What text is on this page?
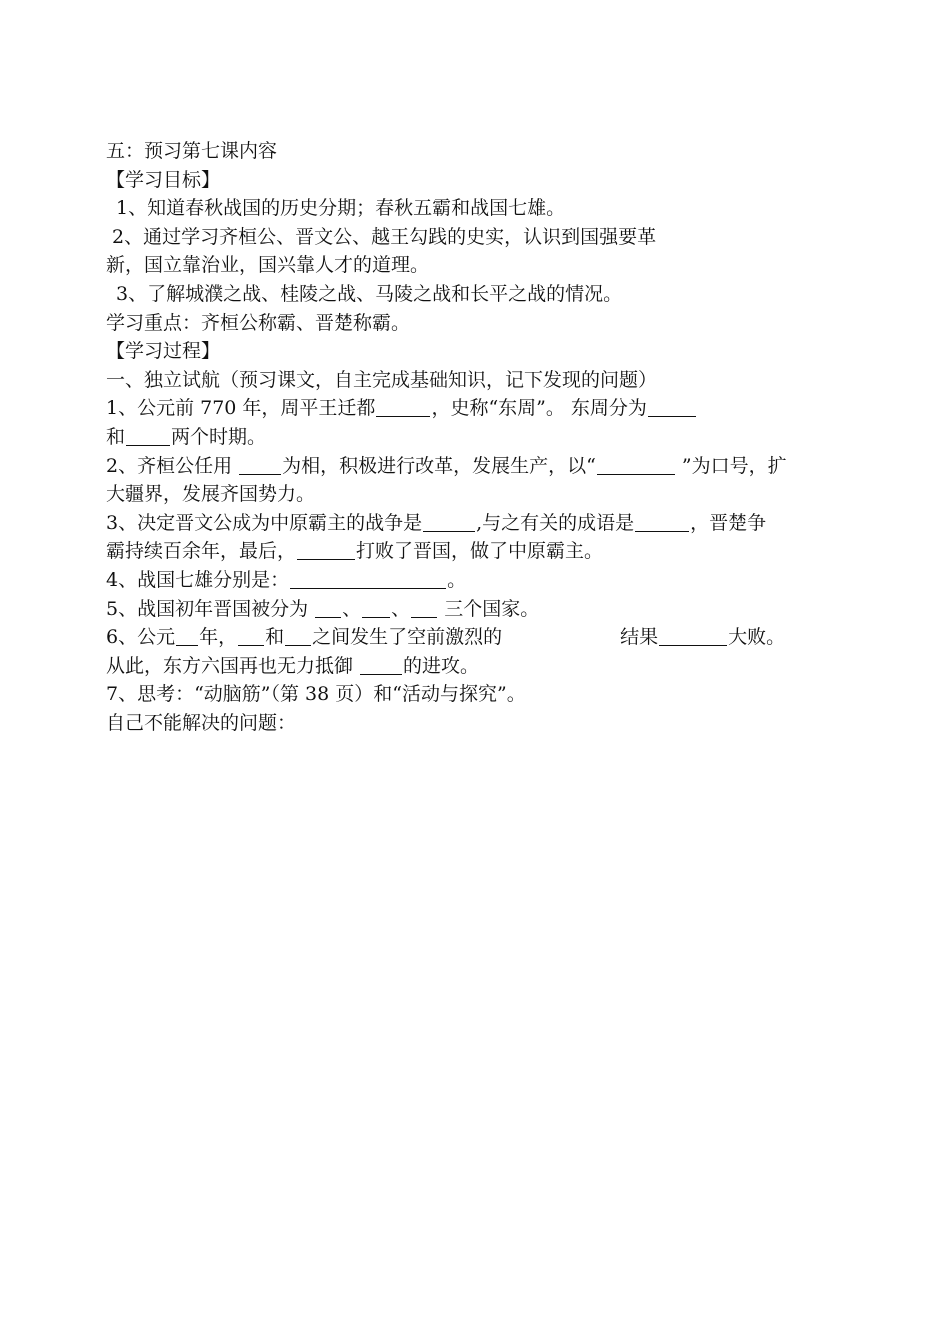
五：预习第七课内容
【学习目标】
1、知道春秋战国的历史分期；春秋五霸和战国七雄。
2、通过学习齐桓公、晋文公、越王勾践的史实，认识到国强要革
新，国立靠治业，国兴靠人才的道理。
3、了解城濮之战、桂陵之战、马陵之战和长平之战的情况。
学习重点：齐桓公称霸、晋楚称霸。
【学习过程】
一、独立试航（预习课文，自主完成基础知识，记下发现的问题）
1、公元前 770 年，周平王迁都	，史称“东周”。 东周分为
和 两个时期。
2、齐桓公任用 为相，积极进行改革，发展生产，以“	”为口号，扩
大疆界，发展齐国势力。
3、决定晋文公成为中原霸主的战争是	,与之有关的成语是	，晋楚争
霸持续百余年，最后，	打败了晋国，做了中原霸主。
4、战国七雄分别是：	。
5、战国初年晋国被分为 、 、 三个国家。
6、公元 年， 和 之间发生了空前激烈的	结果	大败。
从此，东方六国再也无力抵御 的进攻。
7、思考：“动脑筋”（第 38 页）和“活动与探究”。
自己不能解决的问题：
